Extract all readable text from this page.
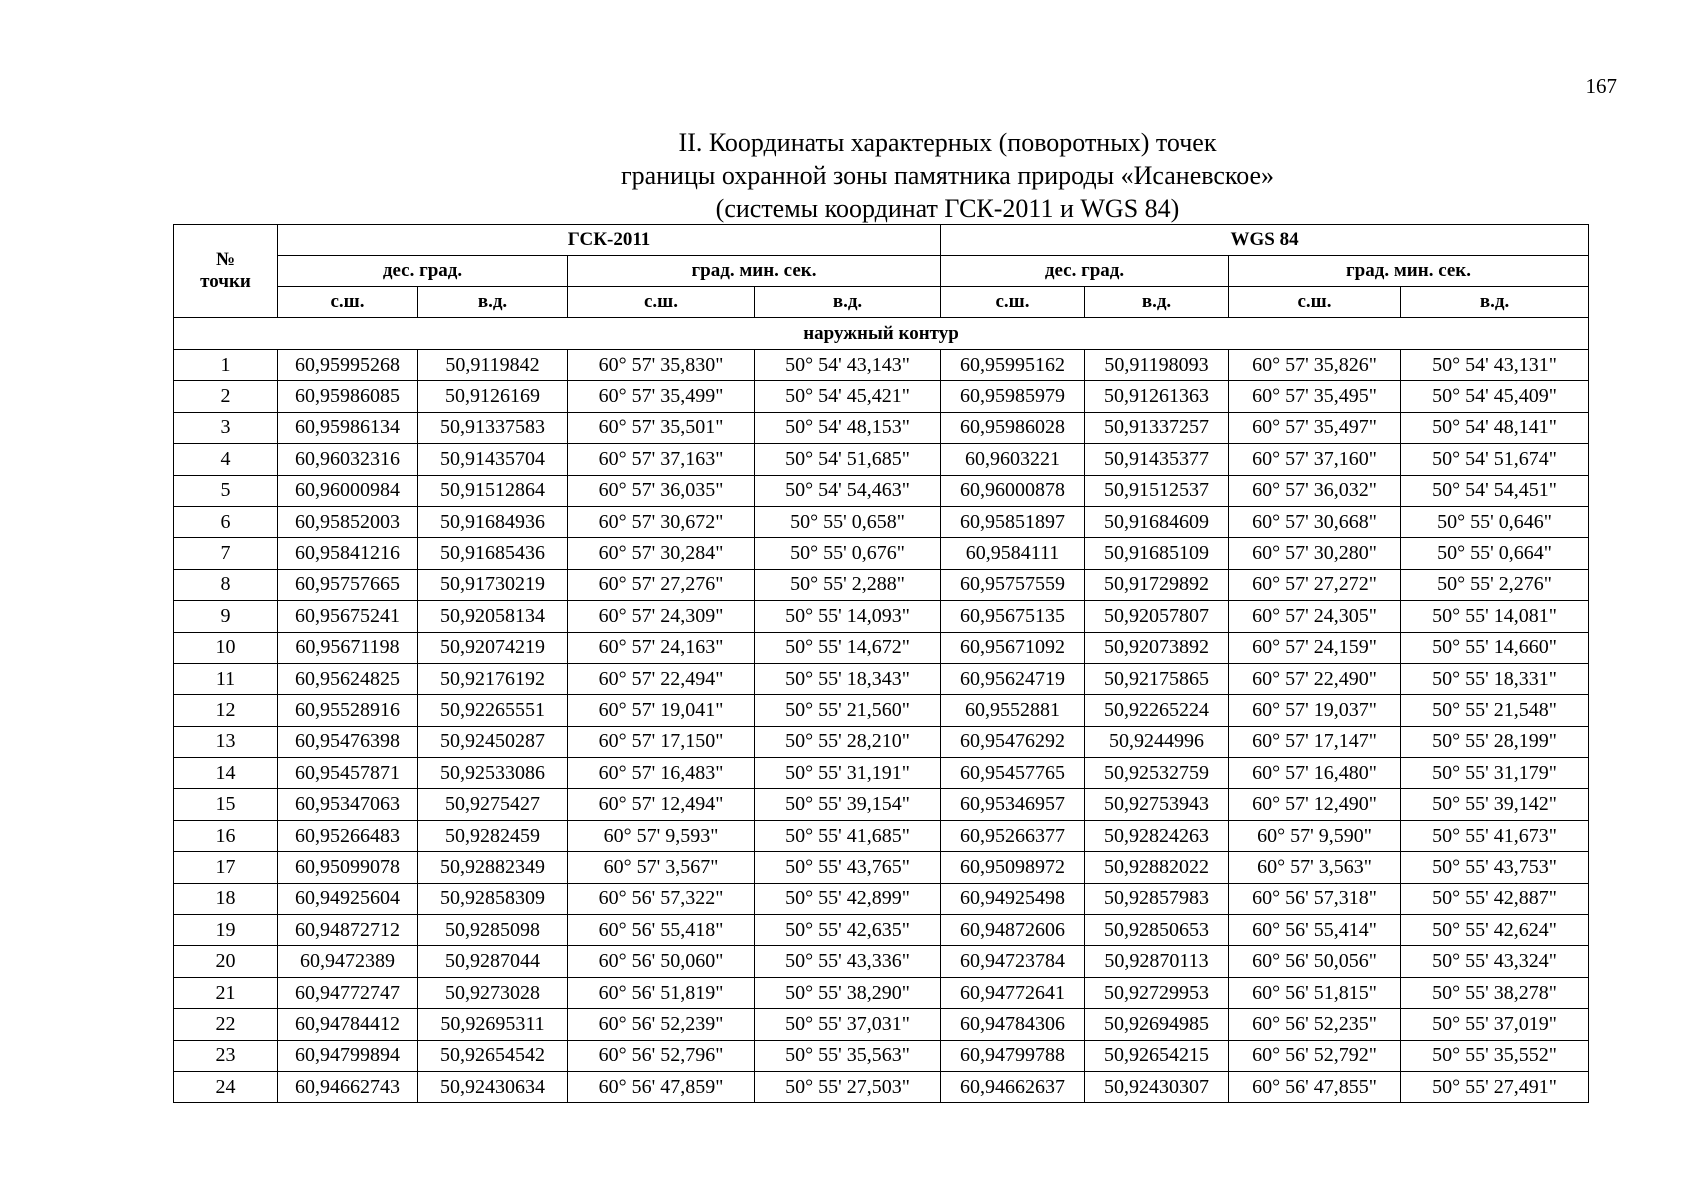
167
II. Координаты характерных (поворотных) точек
границы охранной зоны памятника природы «Исаневское»
(системы координат ГСК-2011 и WGS 84)
№
точки	ГСК-2011				WGS 84			
	дес. град.		град. мин. сек.		дес. град.		град. мин. сек.	
	с.ш.	в.д.	с.ш.	в.д.	с.ш.	в.д.	с.ш.	в.д.
наружный контур								
1	60,95995268	50,9119842	60° 57' 35,830"	50° 54' 43,143"	60,95995162	50,91198093	60° 57' 35,826"	50° 54' 43,131"
2	60,95986085	50,9126169	60° 57' 35,499"	50° 54' 45,421"	60,95985979	50,91261363	60° 57' 35,495"	50° 54' 45,409"
3	60,95986134	50,91337583	60° 57' 35,501"	50° 54' 48,153"	60,95986028	50,91337257	60° 57' 35,497"	50° 54' 48,141"
4	60,96032316	50,91435704	60° 57' 37,163"	50° 54' 51,685"	60,9603221	50,91435377	60° 57' 37,160"	50° 54' 51,674"
5	60,96000984	50,91512864	60° 57' 36,035"	50° 54' 54,463"	60,96000878	50,91512537	60° 57' 36,032"	50° 54' 54,451"
6	60,95852003	50,91684936	60° 57' 30,672"	50° 55' 0,658"	60,95851897	50,91684609	60° 57' 30,668"	50° 55' 0,646"
7	60,95841216	50,91685436	60° 57' 30,284"	50° 55' 0,676"	60,9584111	50,91685109	60° 57' 30,280"	50° 55' 0,664"
8	60,95757665	50,91730219	60° 57' 27,276"	50° 55' 2,288"	60,95757559	50,91729892	60° 57' 27,272"	50° 55' 2,276"
9	60,95675241	50,92058134	60° 57' 24,309"	50° 55' 14,093"	60,95675135	50,92057807	60° 57' 24,305"	50° 55' 14,081"
10	60,95671198	50,92074219	60° 57' 24,163"	50° 55' 14,672"	60,95671092	50,92073892	60° 57' 24,159"	50° 55' 14,660"
11	60,95624825	50,92176192	60° 57' 22,494"	50° 55' 18,343"	60,95624719	50,92175865	60° 57' 22,490"	50° 55' 18,331"
12	60,95528916	50,92265551	60° 57' 19,041"	50° 55' 21,560"	60,9552881	50,92265224	60° 57' 19,037"	50° 55' 21,548"
13	60,95476398	50,92450287	60° 57' 17,150"	50° 55' 28,210"	60,95476292	50,9244996	60° 57' 17,147"	50° 55' 28,199"
14	60,95457871	50,92533086	60° 57' 16,483"	50° 55' 31,191"	60,95457765	50,92532759	60° 57' 16,480"	50° 55' 31,179"
15	60,95347063	50,9275427	60° 57' 12,494"	50° 55' 39,154"	60,95346957	50,92753943	60° 57' 12,490"	50° 55' 39,142"
16	60,95266483	50,9282459	60° 57' 9,593"	50° 55' 41,685"	60,95266377	50,92824263	60° 57' 9,590"	50° 55' 41,673"
17	60,95099078	50,92882349	60° 57' 3,567"	50° 55' 43,765"	60,95098972	50,92882022	60° 57' 3,563"	50° 55' 43,753"
18	60,94925604	50,92858309	60° 56' 57,322"	50° 55' 42,899"	60,94925498	50,92857983	60° 56' 57,318"	50° 55' 42,887"
19	60,94872712	50,9285098	60° 56' 55,418"	50° 55' 42,635"	60,94872606	50,92850653	60° 56' 55,414"	50° 55' 42,624"
20	60,9472389	50,9287044	60° 56' 50,060"	50° 55' 43,336"	60,94723784	50,92870113	60° 56' 50,056"	50° 55' 43,324"
21	60,94772747	50,9273028	60° 56' 51,819"	50° 55' 38,290"	60,94772641	50,92729953	60° 56' 51,815"	50° 55' 38,278"
22	60,94784412	50,92695311	60° 56' 52,239"	50° 55' 37,031"	60,94784306	50,92694985	60° 56' 52,235"	50° 55' 37,019"
23	60,94799894	50,92654542	60° 56' 52,796"	50° 55' 35,563"	60,94799788	50,92654215	60° 56' 52,792"	50° 55' 35,552"
24	60,94662743	50,92430634	60° 56' 47,859"	50° 55' 27,503"	60,94662637	50,92430307	60° 56' 47,855"	50° 55' 27,491"
